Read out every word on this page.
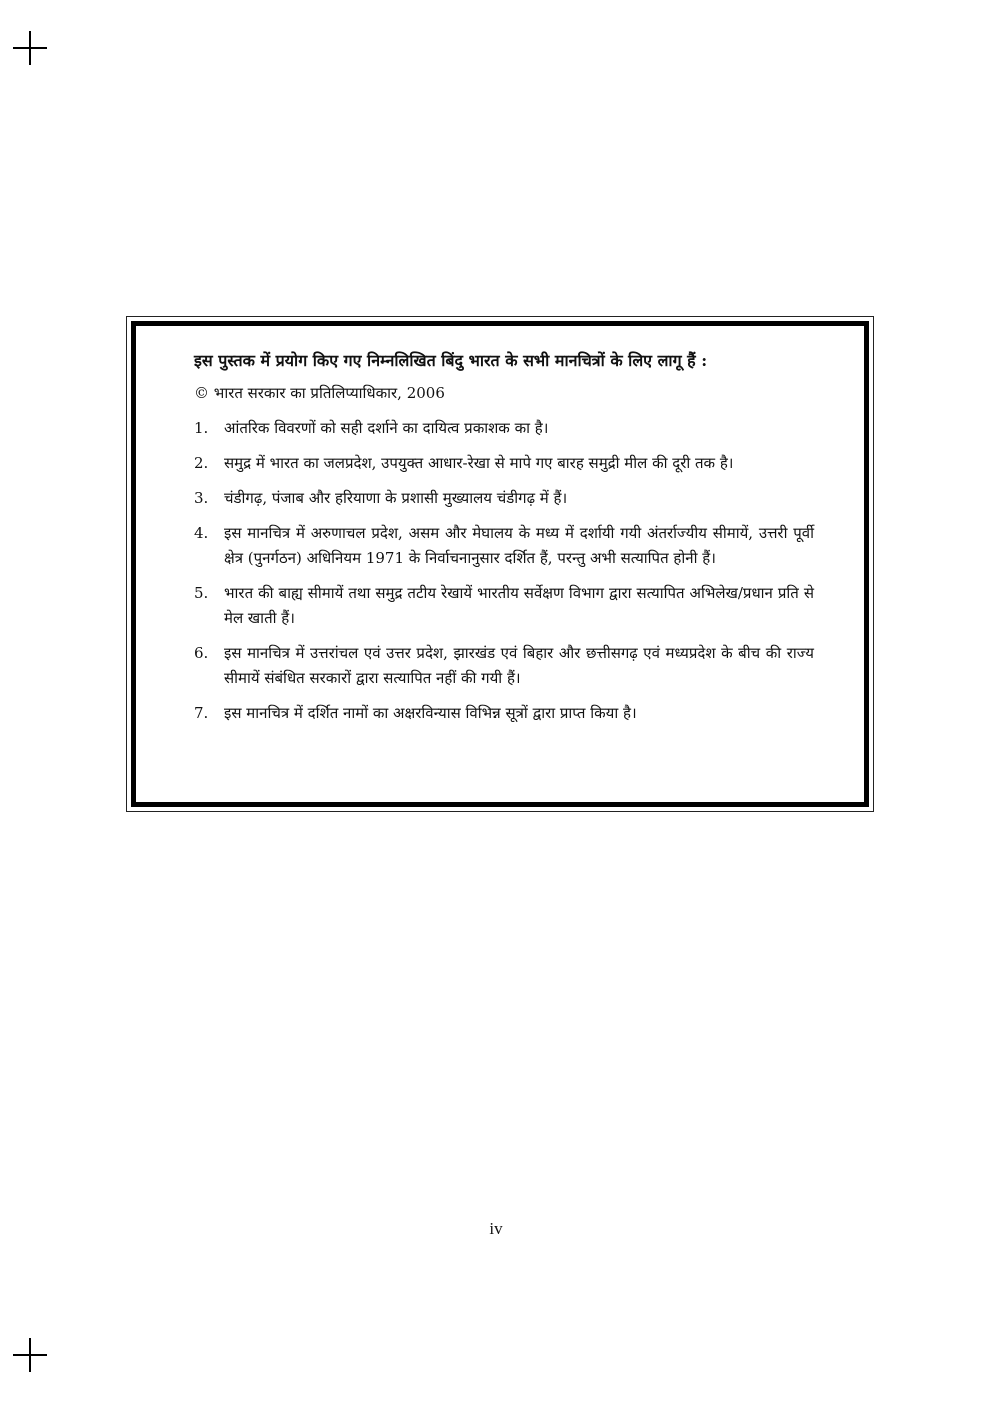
इस पुस्तक में प्रयोग किए गए निम्नलिखित बिंदु भारत के सभी मानचित्रों के लिए लागू हैं :

© भारत सरकार का प्रतिलिप्याधिकार, 2006

1.	आंतरिक विवरणों को सही दर्शाने का दायित्व प्रकाशक का है।
2.	समुद्र में भारत का जलप्रदेश, उपयुक्त आधार-रेखा से मापे गए बारह समुद्री मील की दूरी तक है।
3.	चंडीगढ़, पंजाब और हरियाणा के प्रशासी मुख्यालय चंडीगढ़ में हैं।
4.	इस मानचित्र में अरुणाचल प्रदेश, असम और मेघालय के मध्य में दर्शायी गयी अंतर्राज्यीय सीमायें, उत्तरी पूर्वी क्षेत्र (पुनर्गठन) अधिनियम 1971 के निर्वाचनानुसार दर्शित हैं, परन्तु अभी सत्यापित होनी हैं।
5.	भारत की बाह्य सीमायें तथा समुद्र तटीय रेखायें भारतीय सर्वेक्षण विभाग द्वारा सत्यापित अभिलेख/प्रधान प्रति से मेल खाती हैं।
6.	इस मानचित्र में उत्तरांचल एवं उत्तर प्रदेश, झारखंड एवं बिहार और छत्तीसगढ़ एवं मध्यप्रदेश के बीच की राज्य सीमायें संबंधित सरकारों द्वारा सत्यापित नहीं की गयी हैं।
7.	इस मानचित्र में दर्शित नामों का अक्षरविन्यास विभिन्न सूत्रों द्वारा प्राप्त किया है।
iv
